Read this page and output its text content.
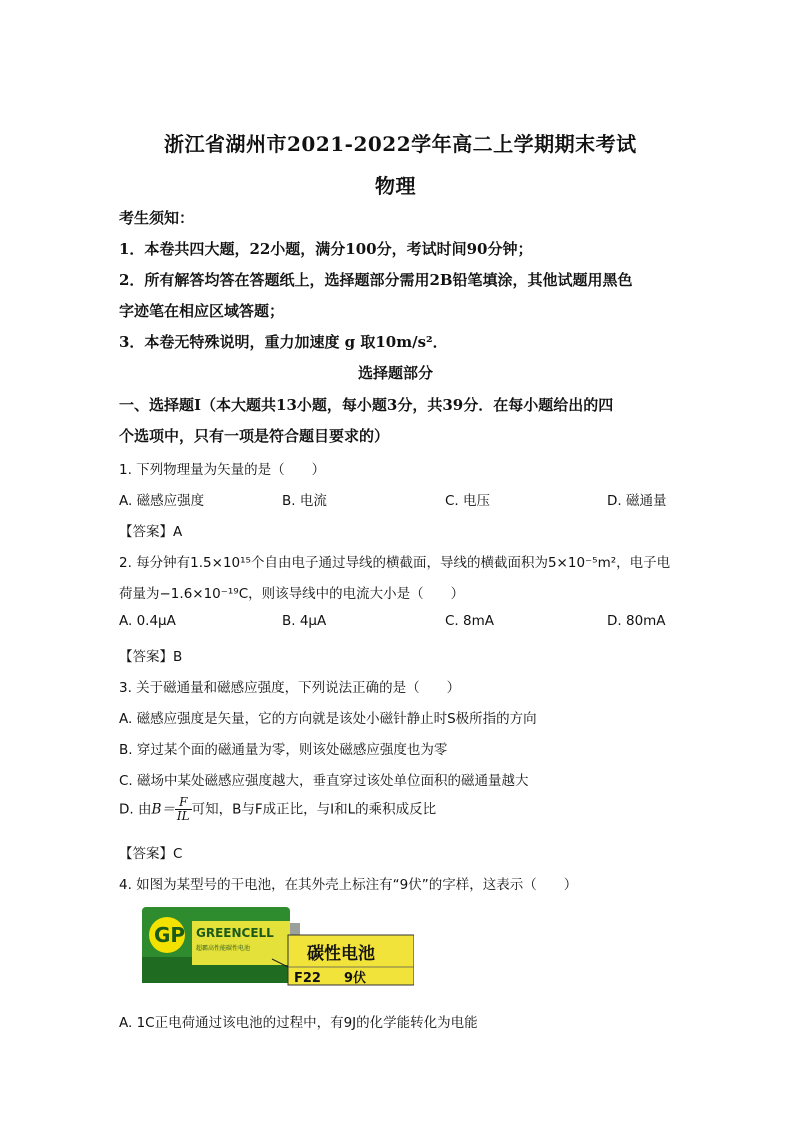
浙江省湖州市2021-2022学年高二上学期期末考试
物理
考生须知：
1．本卷共四大题，22小题，满分100分，考试时间90分钟；
2．所有解答均答在答题纸上，选择题部分需用2B铅笔填涂，其他试题用黑色
字迹笔在相应区域答题；
3．本卷无特殊说明，重力加速度 g 取10m/s²．
选择题部分
一、选择题Ⅰ（本大题共13小题，每小题3分，共39分．在每小题给出的四
个选项中，只有一项是符合题目要求的）
1. 下列物理量为矢量的是（　　）
A. 磁感应强度	B. 电流	C. 电压	D. 磁通量
【答案】A
2. 每分钟有1.5×10¹⁵个自由电子通过导线的横截面，导线的横截面积为5×10⁻⁵m²，电子电
荷量为−1.6×10⁻¹⁹C，则该导线中的电流大小是（　　）
A. 0.4μA	B. 4μA	C. 8mA	D. 80mA
【答案】B
3. 关于磁通量和磁感应强度，下列说法正确的是（　　）
A. 磁感应强度是矢量，它的方向就是该处小磁针静止时S极所指的方向
B. 穿过某个面的磁通量为零，则该处磁感应强度也为零
C. 磁场中某处磁感应强度越大，垂直穿过该处单位面积的磁通量越大
D. 由$B= \frac{F}{IL}$ 可知，B与F成正比，与I和L的乘积成反比
【答案】C
4. 如图为某型号的干电池，在其外壳上标注有“9伏”的字样，这表示（　　）
GP GREENCELL
超霸高性能碳性电池	碳性电池
F22 9伏
A. 1C正电荷通过该电池的过程中，有9J的化学能转化为电能
